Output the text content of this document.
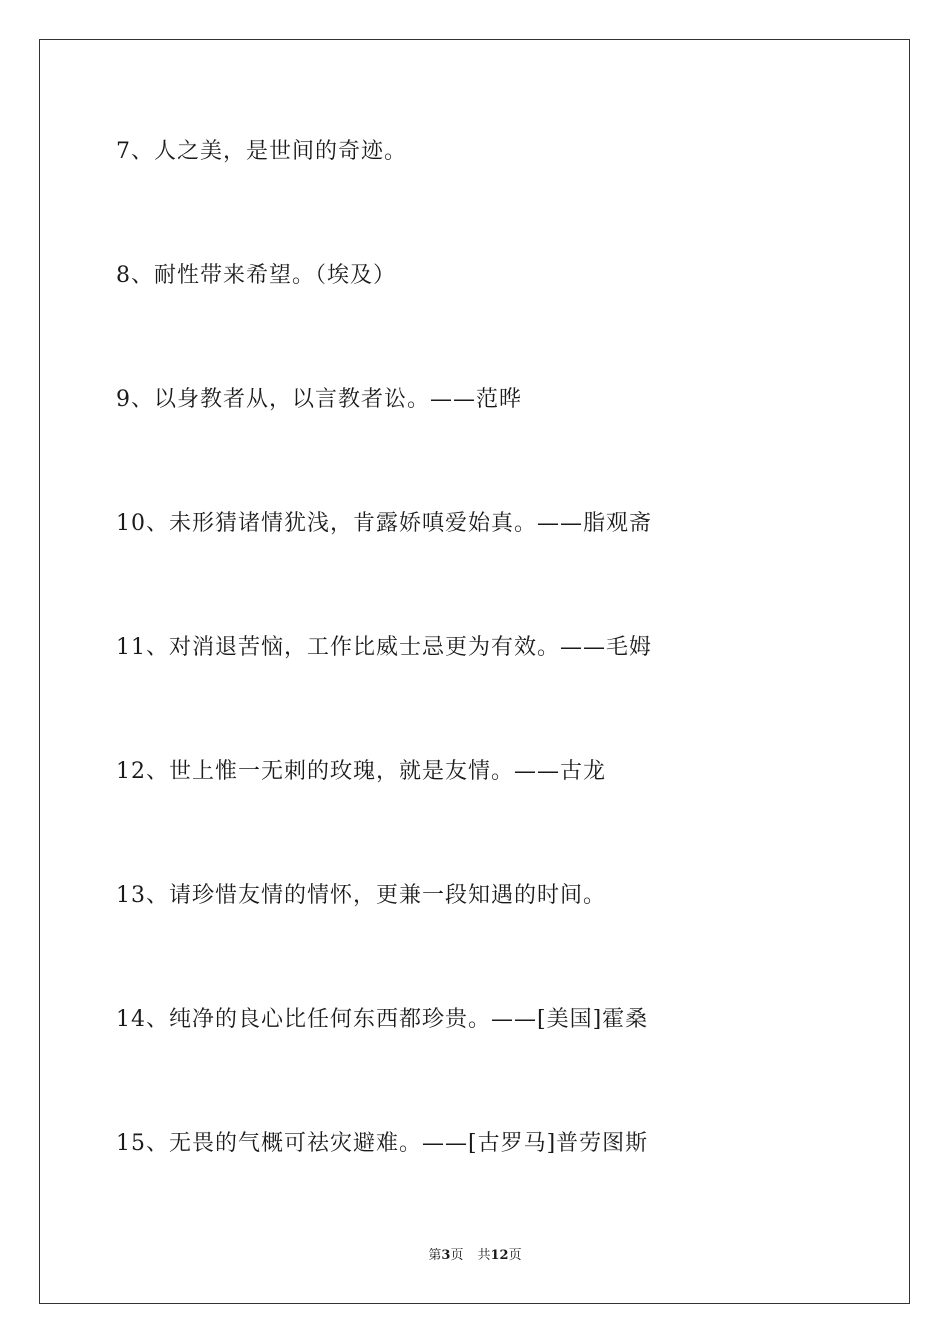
7、人之美，是世间的奇迹。
8、耐性带来希望。（埃及）
9、以身教者从，以言教者讼。——范晔
10、未形猜诸情犹浅，肯露娇嗔爱始真。——脂观斋
11、对消退苦恼，工作比威士忌更为有效。——毛姆
12、世上惟一无刺的玫瑰，就是友情。——古龙
13、请珍惜友情的情怀，更兼一段知遇的时间。
14、纯净的良心比任何东西都珍贵。——[美国]霍桑
15、无畏的气概可祛灾避难。——[古罗马]普劳图斯
第3页 共12页
